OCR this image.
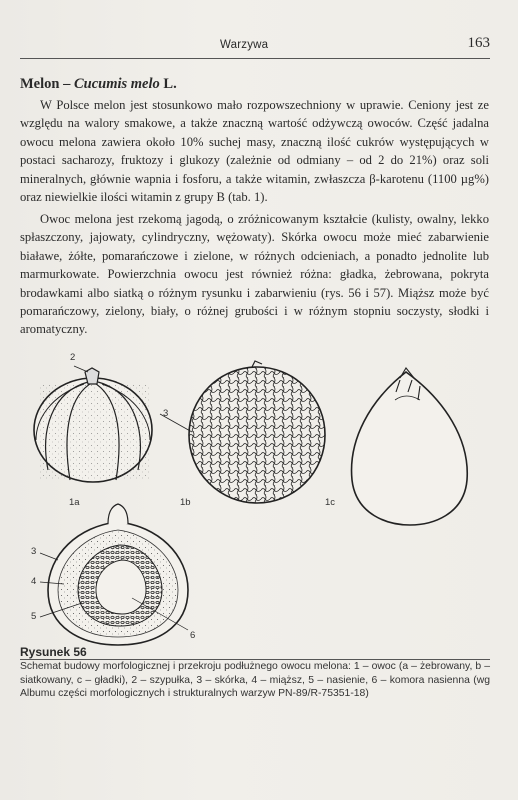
Warzywa	163
Melon – Cucumis melo L.

W Polsce melon jest stosunkowo mało rozpowszechniony w uprawie. Ceniony jest ze względu na walory smakowe, a także znaczną wartość odżywczą owoców. Część jadalna owocu melona zawiera około 10% suchej masy, znaczną ilość cukrów występujących w postaci sacharozy, fruktozy i glukozy (zależnie od odmiany – od 2 do 21%) oraz soli mineralnych, głównie wapnia i fosforu, a także witamin, zwłaszcza β-karotenu (1100 µg%) oraz niewielkie ilości witamin z grupy B (tab. 1).

Owoc melona jest rzekomą jagodą, o zróżnicowanym kształcie (kulisty, owalny, lekko spłaszczony, jajowaty, cylindryczny, wężowaty). Skórka owocu może mieć zabarwienie białawe, żółte, pomarańczowe i zielone, w różnych odcieniach, a ponadto jednolite lub marmurkowate. Powierzchnia owocu jest również różna: gładka, żebrowana, pokryta brodawkami albo siatką o różnym rysunku i zabarwieniu (rys. 56 i 57). Miąższ może być pomarańczowy, zielony, biały, o różnej grubości i w różnym stopniu soczysty, słodki i aromatyczny.

2
3
1a	1b	1c
3
4
5
6
Rysunek 56
Schemat budowy morfologicznej i przekroju podłużnego owocu melona: 1 – owoc (a – żebrowany, b – siatkowany, c – gładki), 2 – szypułka, 3 – skórka, 4 – miąższ, 5 – nasienie, 6 – komora nasienna (wg Albumu części morfologicznych i strukturalnych warzyw PN-89/R-75351-18)
